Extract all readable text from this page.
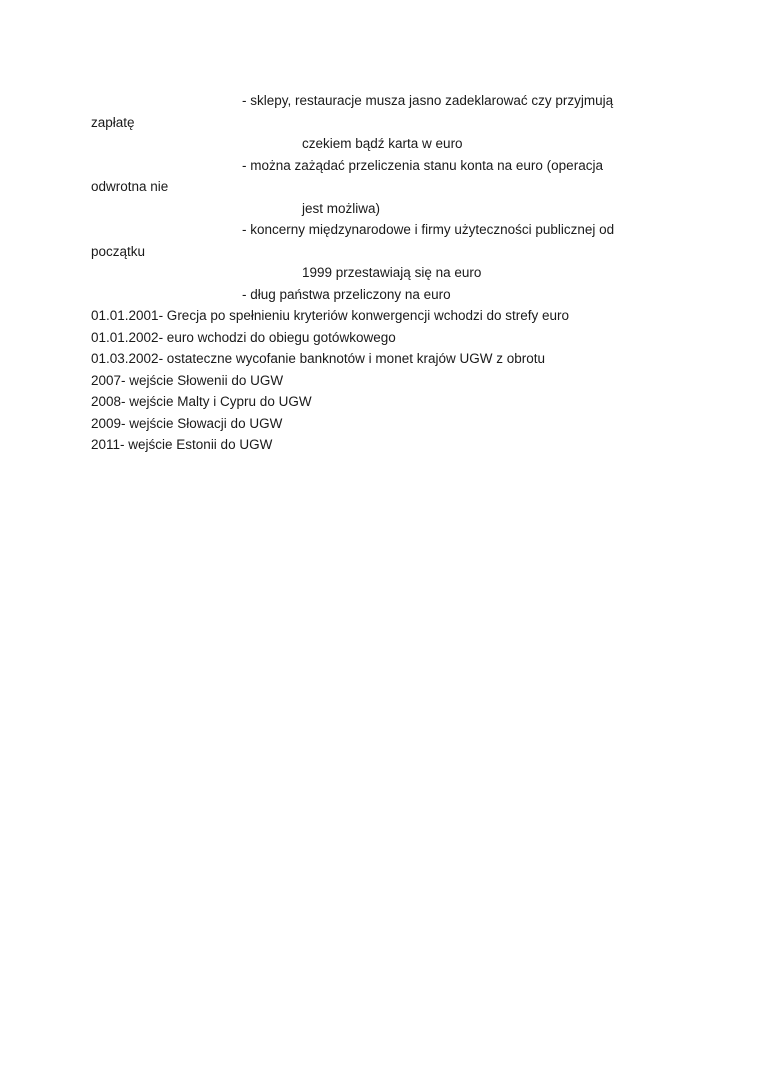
- sklepy, restauracje musza jasno zadeklarować czy przyjmują
zapłatę
czekiem bądź karta w euro
- można zażądać przeliczenia stanu konta na euro (operacja
odwrotna nie
jest możliwa)
- koncerny międzynarodowe i firmy użyteczności publicznej od
początku
1999 przestawiają się na euro
- dług państwa przeliczony na euro
01.01.2001- Grecja po spełnieniu kryteriów konwergencji wchodzi do strefy euro
01.01.2002- euro wchodzi do obiegu gotówkowego
01.03.2002- ostateczne wycofanie banknotów i monet krajów UGW z obrotu
2007- wejście Słowenii do UGW
2008- wejście Malty i Cypru do UGW
2009- wejście Słowacji do UGW
2011- wejście Estonii do UGW
